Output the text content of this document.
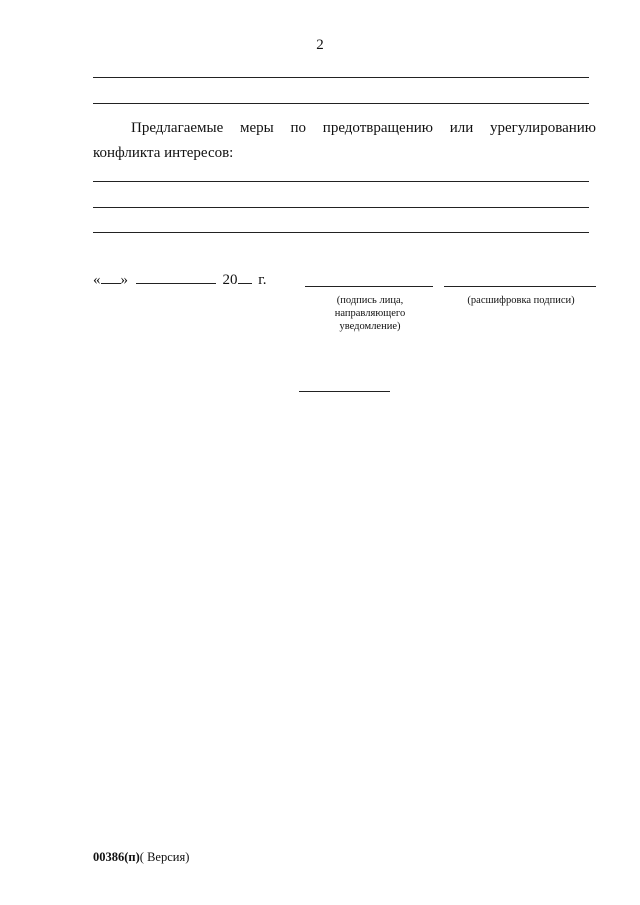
2
Предлагаемые меры по предотвращению или урегулированию
конфликта интересов:
« »	20 г.
(подпись лица,
направляющего
уведомление)
(расшифровка подписи)
00386(п)( Версия)
